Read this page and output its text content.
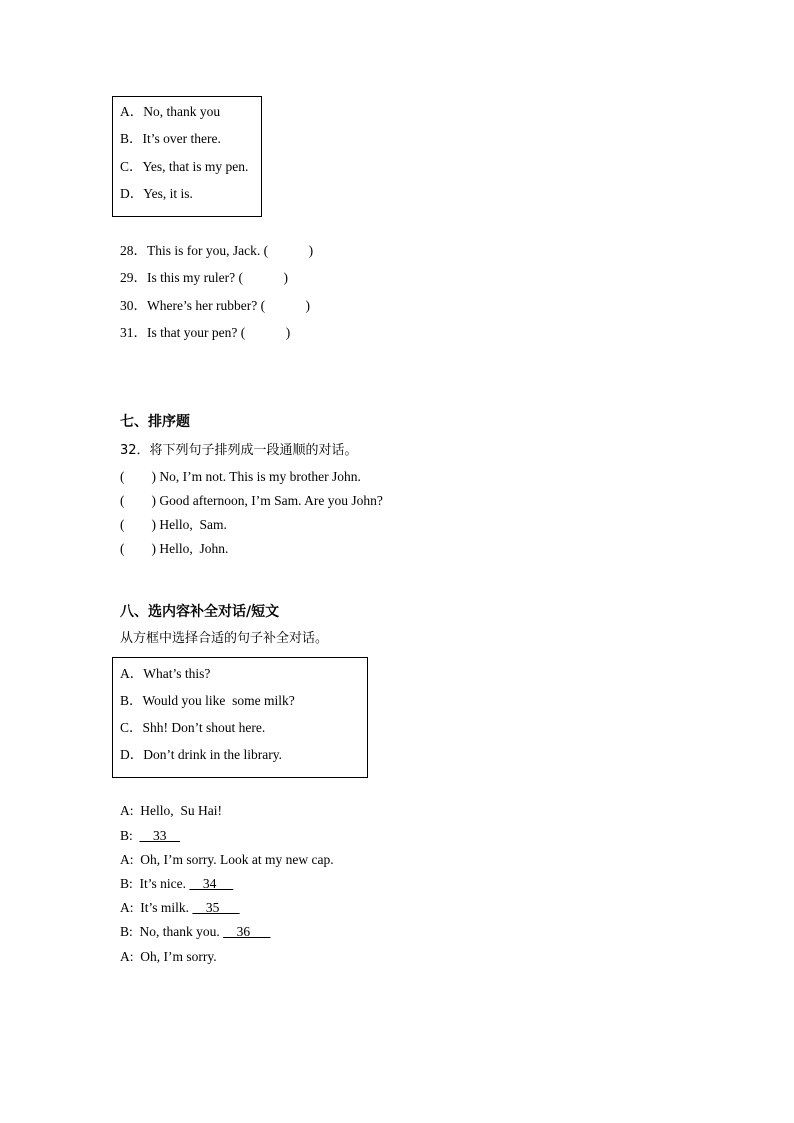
A．No, thank you
B．It’s over there.
C．Yes, that is my pen.
D．Yes, it is.
28．This is for you, Jack. (            )
29．Is this my ruler? (            )
30．Where’s her rubber? (            )
31．Is that your pen? (            )
七、排序题
32．将下列句子排列成一段通顺的对话。
(        ) No, I’m not. This is my brother John.
(        ) Good afternoon, I’m Sam. Are you John?
(        ) Hello,  Sam.
(        ) Hello,  John.
八、选内容补全对话/短文
从方框中选择合适的句子补全对话。
A．What’s this?
B．Would you like  some milk?
C．Shh! Don’t shout here.
D．Don’t drink in the library.
A:  Hello,  Su Hai!
B:      33
A:  Oh, I’m sorry. Look at my new cap.
B:  It’s nice.     34
A:  It’s milk.     35
B:  No, thank you.     36
A:  Oh, I’m sorry.
